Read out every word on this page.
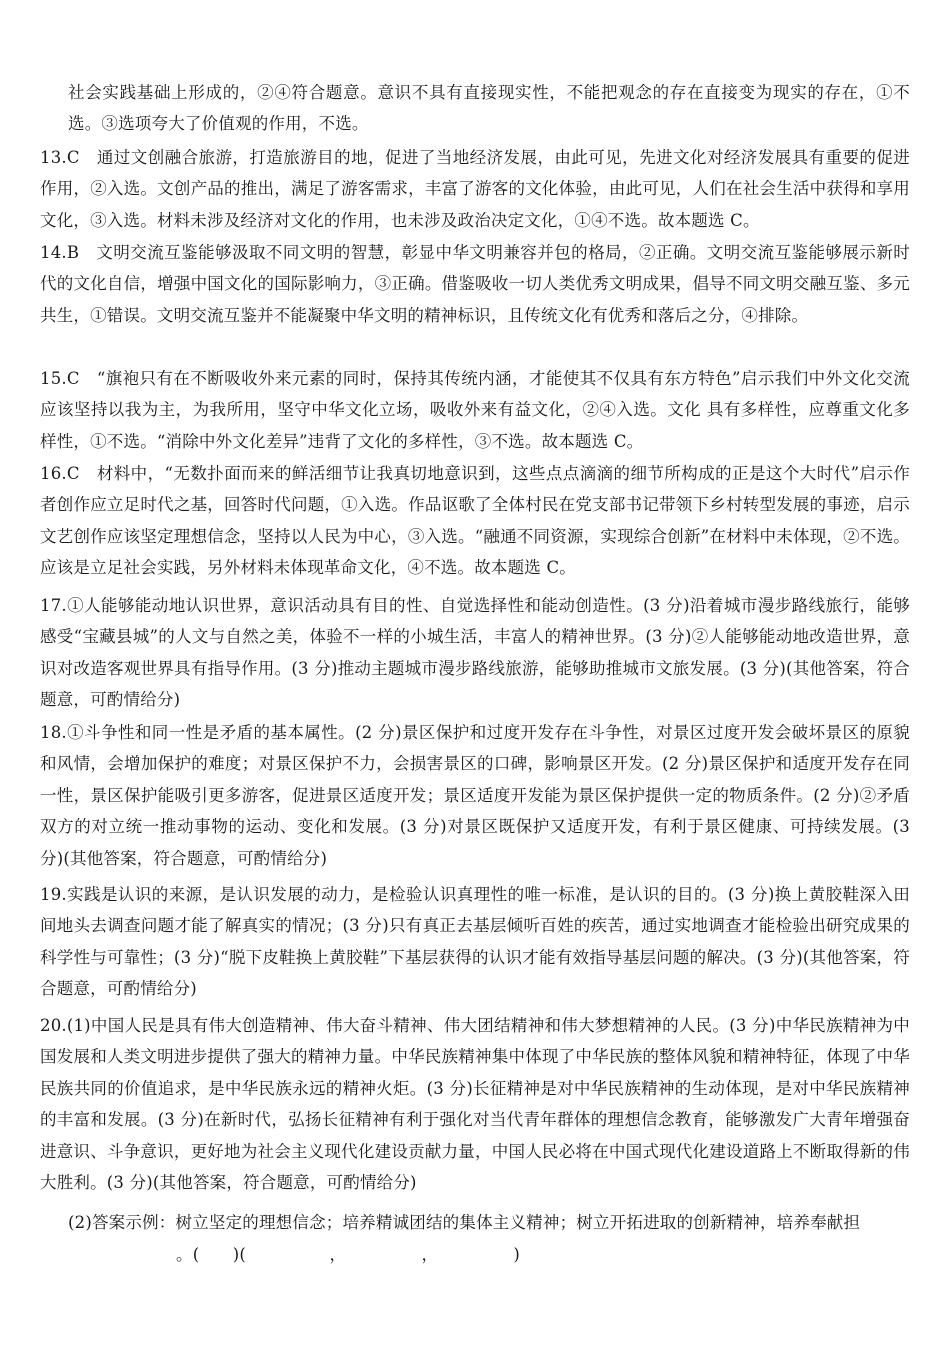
社会实践基础上形成的，②④符合题意。意识不具有直接现实性，不能把观念的存在直接变为现实的存在，①不选。③选项夸大了价值观的作用，不选。
13.C　通过文创融合旅游，打造旅游目的地，促进了当地经济发展，由此可见，先进文化对经济发展具有重要的促进作用，②入选。文创产品的推出，满足了游客需求，丰富了游客的文化体验，由此可见，人们在社会生活中获得和享用文化，③入选。材料未涉及经济对文化的作用，也未涉及政治决定文化，①④不选。故本题选 C。
14.B　文明交流互鉴能够汲取不同文明的智慧，彰显中华文明兼容并包的格局，②正确。文明交流互鉴能够展示新时代的文化自信，增强中国文化的国际影响力，③正确。借鉴吸收一切人类优秀文明成果，倡导不同文明交融互鉴、多元共生，①错误。文明交流互鉴并不能凝聚中华文明的精神标识，且传统文化有优秀和落后之分，④排除。
15.C　“旗袍只有在不断吸收外来元素的同时，保持其传统内涵，才能使其不仅具有东方特色”启示我们中外文化交流应该坚持以我为主，为我所用，坚守中华文化立场，吸收外来有益文化，②④入选。文化 具有多样性，应尊重文化多样性，①不选。“消除中外文化差异”违背了文化的多样性，③不选。故本题选 C。
16.C　材料中，“无数扑面而来的鲜活细节让我真切地意识到，这些点点滴滴的细节所构成的正是这个大时代”启示作者创作应立足时代之基，回答时代问题，①入选。作品讴歌了全体村民在党支部书记带领下乡村转型发展的事迹，启示文艺创作应该坚定理想信念，坚持以人民为中心，③入选。“融通不同资源，实现综合创新”在材料中未体现，②不选。应该是立足社会实践，另外材料未体现革命文化，④不选。故本题选 C。
17.①人能够能动地认识世界，意识活动具有目的性、自觉选择性和能动创造性。(3 分)沿着城市漫步路线旅行，能够感受“宝藏县城”的人文与自然之美，体验不一样的小城生活，丰富人的精神世界。(3 分)②人能够能动地改造世界，意识对改造客观世界具有指导作用。(3 分)推动主题城市漫步路线旅游，能够助推城市文旅发展。(3 分)(其他答案，符合题意，可酌情给分)
18.①斗争性和同一性是矛盾的基本属性。(2 分)景区保护和过度开发存在斗争性，对景区过度开发会破坏景区的原貌和风情，会增加保护的难度；对景区保护不力，会损害景区的口碑，影响景区开发。(2 分)景区保护和适度开发存在同一性，景区保护能吸引更多游客，促进景区适度开发；景区适度开发能为景区保护提供一定的物质条件。(2 分)②矛盾双方的对立统一推动事物的运动、变化和发展。(3 分)对景区既保护又适度开发，有利于景区健康、可持续发展。(3 分)(其他答案，符合题意，可酌情给分)
19.实践是认识的来源，是认识发展的动力，是检验认识真理性的唯一标准，是认识的目的。(3 分)换上黄胶鞋深入田间地头去调查问题才能了解真实的情况；(3 分)只有真正去基层倾听百姓的疾苦，通过实地调查才能检验出研究成果的科学性与可靠性；(3 分)“脱下皮鞋换上黄胶鞋”下基层获得的认识才能有效指导基层问题的解决。(3 分)(其他答案，符合题意，可酌情给分)
20.(1)中国人民是具有伟大创造精神、伟大奋斗精神、伟大团结精神和伟大梦想精神的人民。(3 分)中华民族精神为中国发展和人类文明进步提供了强大的精神力量。中华民族精神集中体现了中华民族的整体风貌和精神特征，体现了中华民族共同的价值追求，是中华民族永远的精神火炬。(3 分)长征精神是对中华民族精神的生动体现，是对中华民族精神的丰富和发展。(3 分)在新时代，弘扬长征精神有利于强化对当代青年群体的理想信念教育，能够激发广大青年增强奋进意识、斗争意识，更好地为社会主义现代化建设贡献力量，中国人民必将在中国式现代化建设道路上不断取得新的伟大胜利。(3 分)(其他答案，符合题意，可酌情给分)
(2)答案示例：树立坚定的理想信念；培养精诚团结的集体主义精神；树立开拓进取的创新精神，培养奉献担
。(　　)(　　　　　，　　　　　，　　　　　)
